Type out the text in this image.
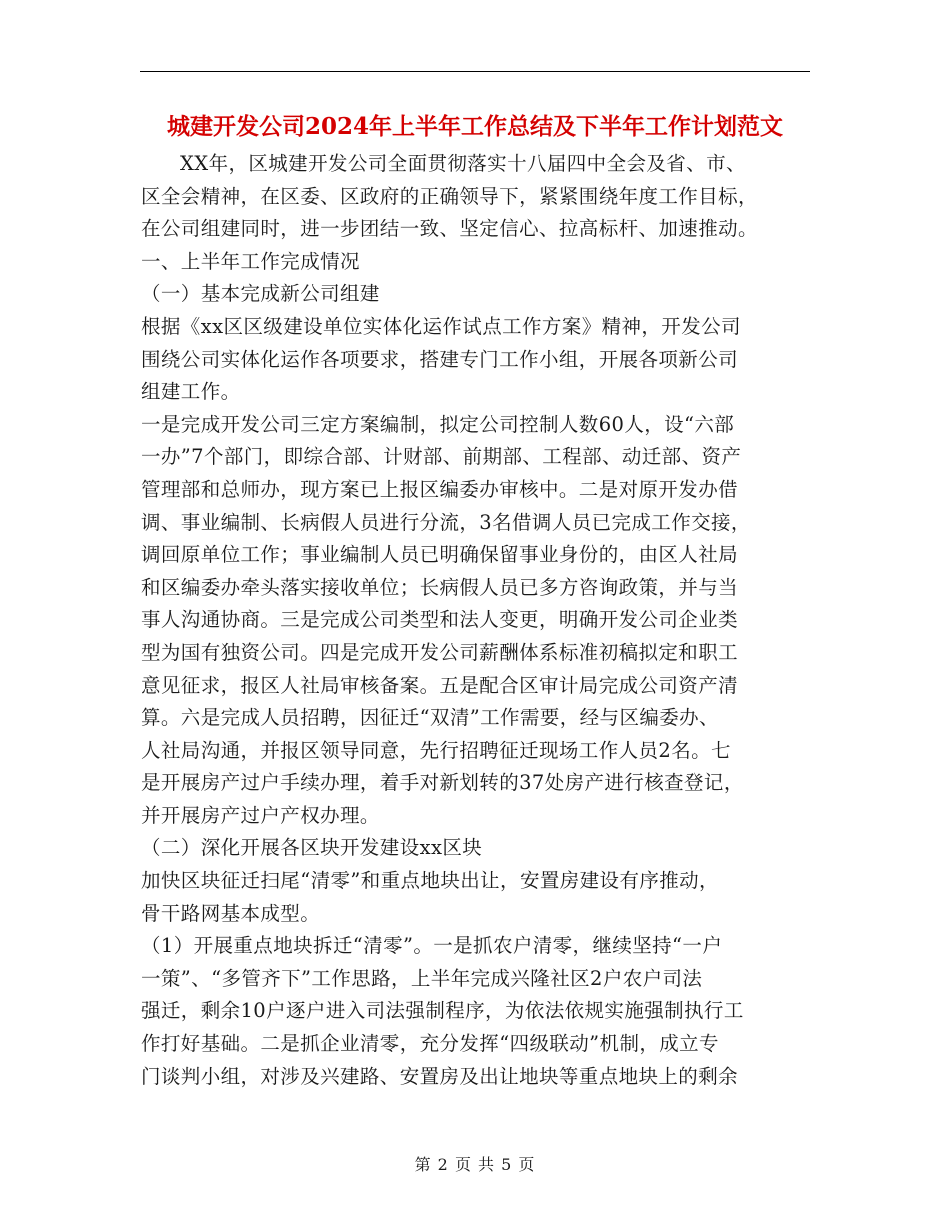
城建开发公司2024年上半年工作总结及下半年工作计划范文
XX年，区城建开发公司全面贯彻落实十八届四中全会及省、市、
区全会精神，在区委、区政府的正确领导下，紧紧围绕年度工作目标，
在公司组建同时，进一步团结一致、坚定信心、拉高标杆、加速推动。
一、上半年工作完成情况
（一）基本完成新公司组建
根据《xx区区级建设单位实体化运作试点工作方案》精神，开发公司
围绕公司实体化运作各项要求，搭建专门工作小组，开展各项新公司
组建工作。
一是完成开发公司三定方案编制，拟定公司控制人数60人，设“六部
一办”7个部门，即综合部、计财部、前期部、工程部、动迁部、资产
管理部和总师办，现方案已上报区编委办审核中。二是对原开发办借
调、事业编制、长病假人员进行分流，3名借调人员已完成工作交接，
调回原单位工作；事业编制人员已明确保留事业身份的，由区人社局
和区编委办牵头落实接收单位；长病假人员已多方咨询政策，并与当
事人沟通协商。三是完成公司类型和法人变更，明确开发公司企业类
型为国有独资公司。四是完成开发公司薪酬体系标准初稿拟定和职工
意见征求，报区人社局审核备案。五是配合区审计局完成公司资产清
算。六是完成人员招聘，因征迁“双清”工作需要，经与区编委办、
人社局沟通，并报区领导同意，先行招聘征迁现场工作人员2名。七
是开展房产过户手续办理，着手对新划转的37处房产进行核查登记，
并开展房产过户产权办理。
（二）深化开展各区块开发建设xx区块
加快区块征迁扫尾“清零”和重点地块出让，安置房建设有序推动，
骨干路网基本成型。
（1）开展重点地块拆迁“清零”。一是抓农户清零，继续坚持“一户
一策”、“多管齐下”工作思路，上半年完成兴隆社区2户农户司法
强迁，剩余10户逐户进入司法强制程序，为依法依规实施强制执行工
作打好基础。二是抓企业清零，充分发挥“四级联动”机制，成立专
门谈判小组，对涉及兴建路、安置房及出让地块等重点地块上的剩余
第 2 页 共 5 页
